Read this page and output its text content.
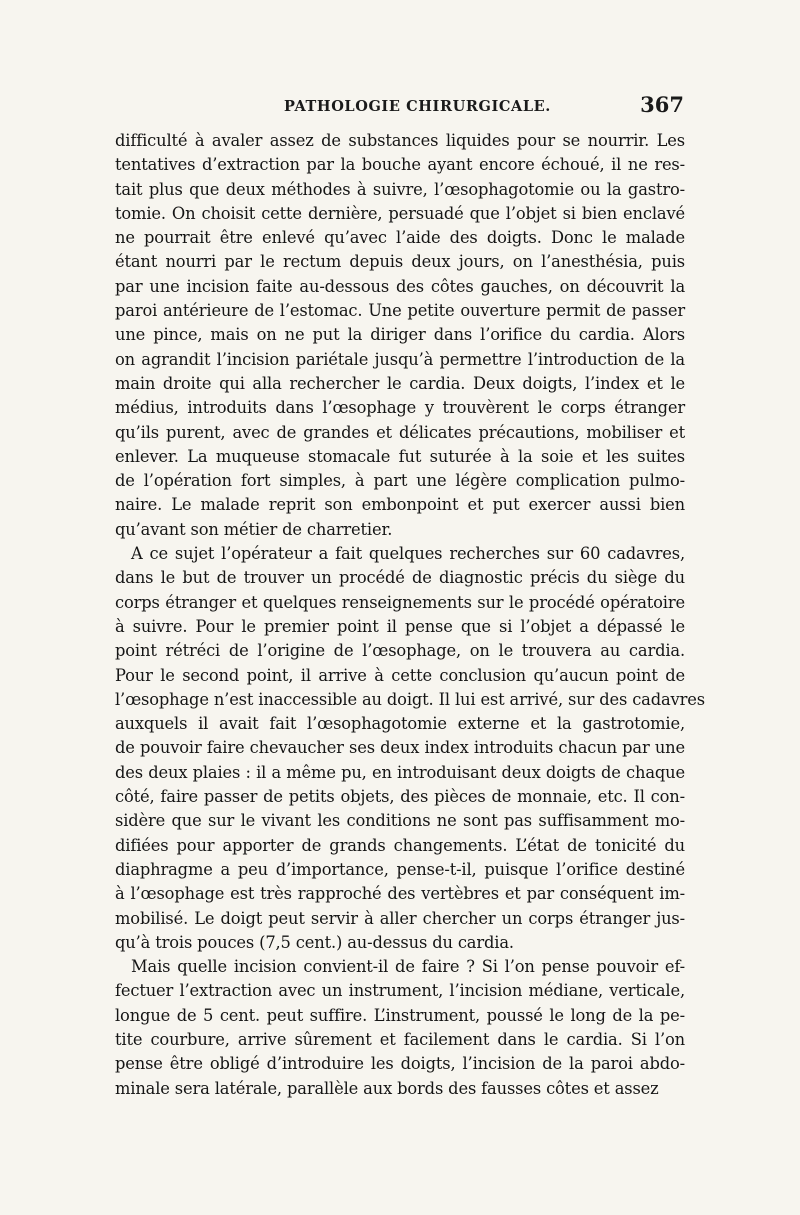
PATHOLOGIE CHIRURGICALE.	367
difficulté à avaler assez de substances liquides pour se nourrir. Les
tentatives d’extraction par la bouche ayant encore échoué, il ne res-
tait plus que deux méthodes à suivre, l’œsophagotomie ou la gastro-
tomie. On choisit cette dernière, persuadé que l’objet si bien enclavé
ne pourrait être enlevé qu’avec l’aide des doigts. Donc le malade
étant nourri par le rectum depuis deux jours, on l’anesthésia, puis
par une incision faite au-dessous des côtes gauches, on découvrit la
paroi antérieure de l’estomac. Une petite ouverture permit de passer
une pince, mais on ne put la diriger dans l’orifice du cardia. Alors
on agrandit l’incision pariétale jusqu’à permettre l’introduction de la
main droite qui alla rechercher le cardia. Deux doigts, l’index et le
médius, introduits dans l’œsophage y trouvèrent le corps étranger
qu’ils purent, avec de grandes et délicates précautions, mobiliser et
enlever. La muqueuse stomacale fut suturée à la soie et les suites
de l’opération fort simples, à part une légère complication pulmo-
naire. Le malade reprit son embonpoint et put exercer aussi bien
qu’avant son métier de charretier.
A ce sujet l’opérateur a fait quelques recherches sur 60 cadavres,
dans le but de trouver un procédé de diagnostic précis du siège du
corps étranger et quelques renseignements sur le procédé opératoire
à suivre. Pour le premier point il pense que si l’objet a dépassé le
point rétréci de l’origine de l’œsophage, on le trouvera au cardia.
Pour le second point, il arrive à cette conclusion qu’aucun point de
l’œsophage n’est inaccessible au doigt. Il lui est arrivé, sur des cadavres
auxquels il avait fait l’œsophagotomie externe et la gastrotomie,
de pouvoir faire chevaucher ses deux index introduits chacun par une
des deux plaies : il a même pu, en introduisant deux doigts de chaque
côté, faire passer de petits objets, des pièces de monnaie, etc. Il con-
sidère que sur le vivant les conditions ne sont pas suffisamment mo-
difiées pour apporter de grands changements. L’état de tonicité du
diaphragme a peu d’importance, pense-t-il, puisque l’orifice destiné
à l’œsophage est très rapproché des vertèbres et par conséquent im-
mobilisé. Le doigt peut servir à aller chercher un corps étranger jus-
qu’à trois pouces (7,5 cent.) au-dessus du cardia.
Mais quelle incision convient-il de faire ? Si l’on pense pouvoir ef-
fectuer l’extraction avec un instrument, l’incision médiane, verticale,
longue de 5 cent. peut suffire. L’instrument, poussé le long de la pe-
tite courbure, arrive sûrement et facilement dans le cardia. Si l’on
pense être obligé d’introduire les doigts, l’incision de la paroi abdo-
minale sera latérale, parallèle aux bords des fausses côtes et assez
